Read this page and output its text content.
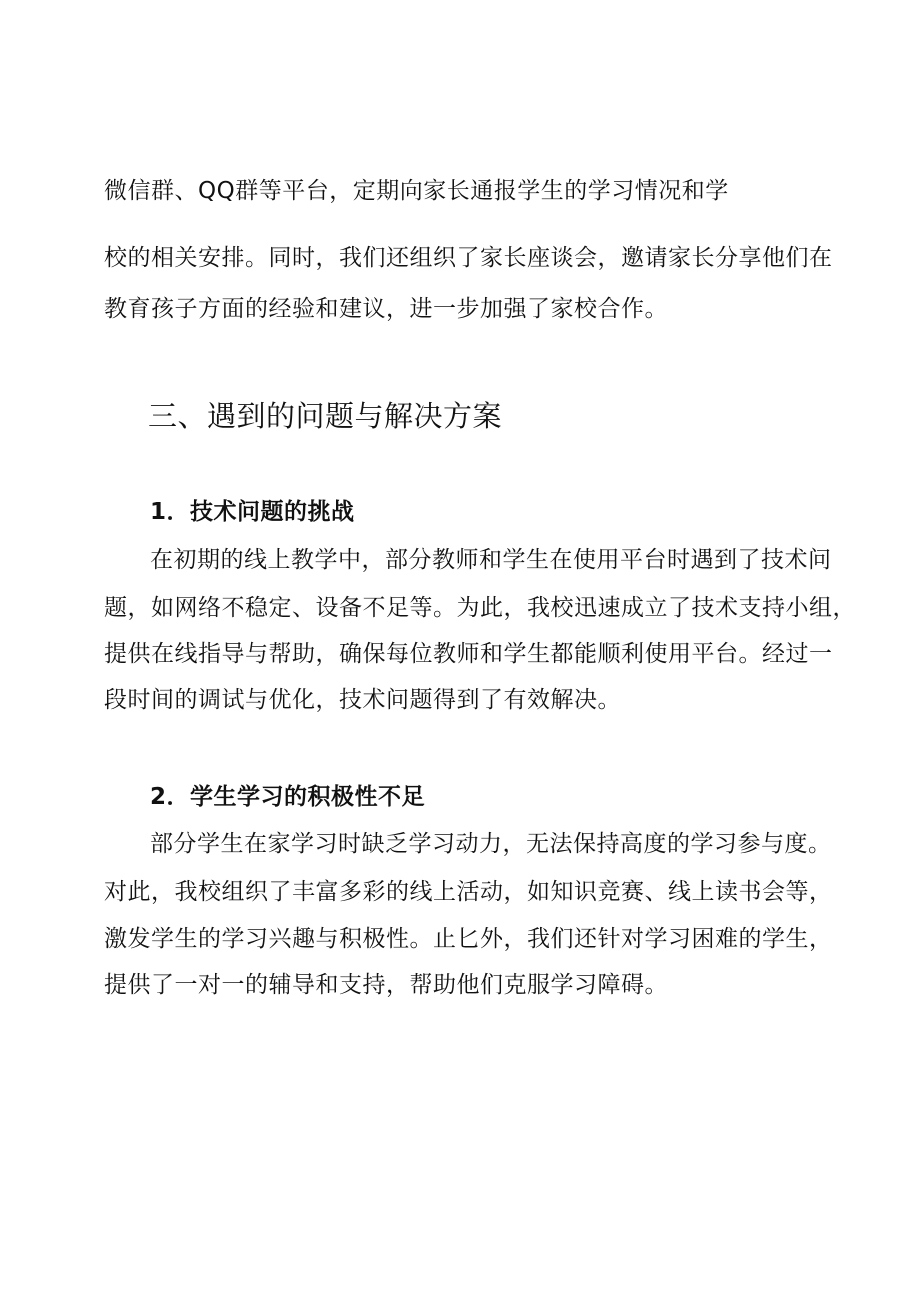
微信群、QQ群等平台，定期向家长通报学生的学习情况和学
校的相关安排。同时，我们还组织了家长座谈会，邀请家长分享他们在
教育孩子方面的经验和建议，进一步加强了家校合作。
三、遇到的问题与解决方案
1．技术问题的挑战
在初期的线上教学中，部分教师和学生在使用平台时遇到了技术问
题，如网络不稳定、设备不足等。为此，我校迅速成立了技术支持小组，
提供在线指导与帮助，确保每位教师和学生都能顺利使用平台。经过一
段时间的调试与优化，技术问题得到了有效解决。
2．学生学习的积极性不足
部分学生在家学习时缺乏学习动力，无法保持高度的学习参与度。
对此，我校组织了丰富多彩的线上活动，如知识竞赛、线上读书会等，
激发学生的学习兴趣与积极性。止匕外，我们还针对学习困难的学生，
提供了一对一的辅导和支持，帮助他们克服学习障碍。
